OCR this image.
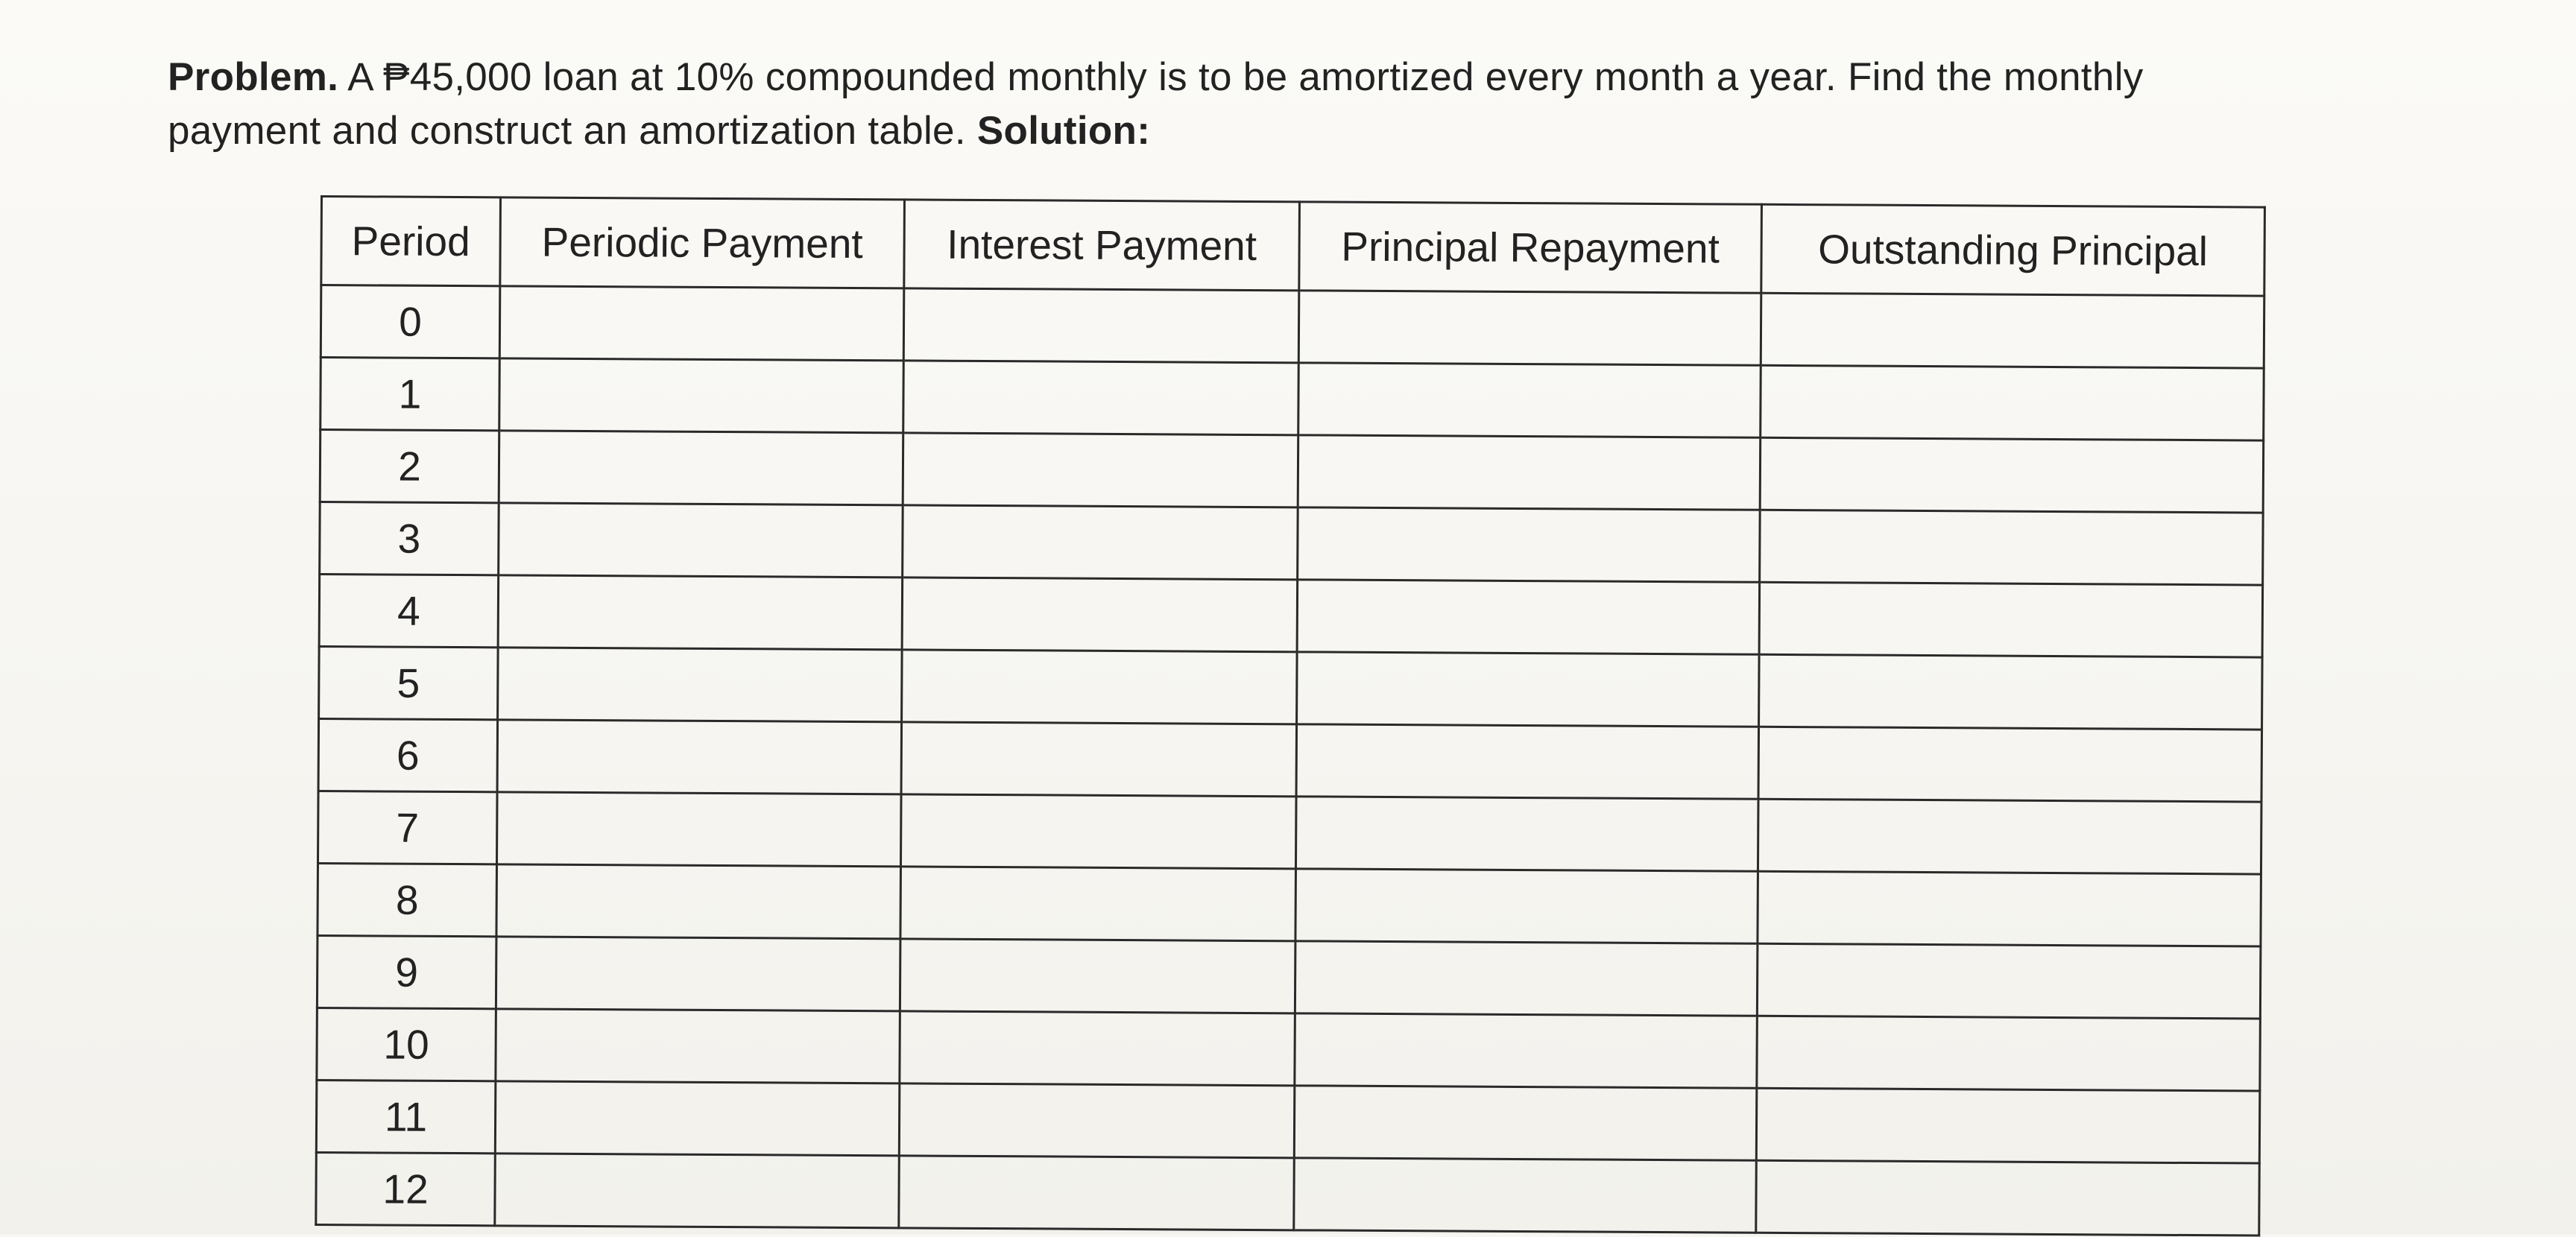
Problem. A ₱45,000 loan at 10% compounded monthly is to be amortized every month a year. Find the monthly payment and construct an amortization table. Solution:
Period	Periodic Payment	Interest Payment	Principal Repayment	Outstanding Principal
0				
1				
2				
3				
4				
5				
6				
7				
8				
9				
10				
11				
12				
